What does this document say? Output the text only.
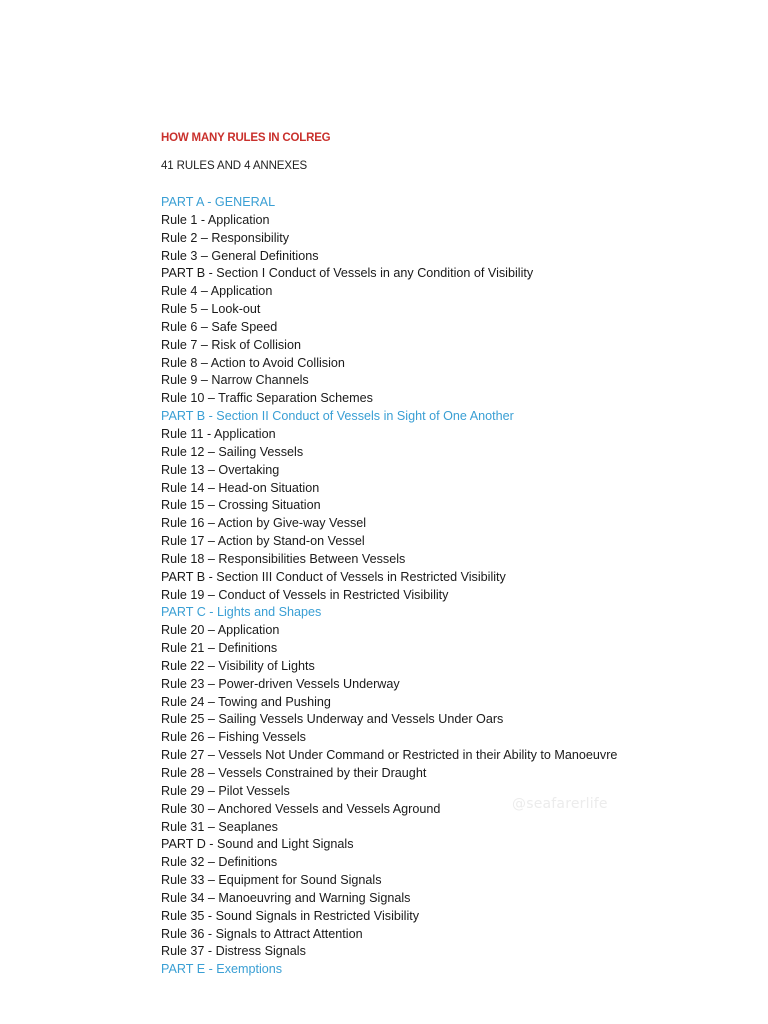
HOW MANY RULES IN COLREG
41 RULES AND 4 ANNEXES
PART A - GENERAL
Rule 1 - Application
Rule 2 – Responsibility
Rule 3 – General Definitions
PART B - Section I Conduct of Vessels in any Condition of Visibility
Rule 4 – Application
Rule 5 – Look-out
Rule 6 – Safe Speed
Rule 7 – Risk of Collision
Rule 8 – Action to Avoid Collision
Rule 9 – Narrow Channels
Rule 10 – Traffic Separation Schemes
PART B - Section II Conduct of Vessels in Sight of One Another
Rule 11 - Application
Rule 12 – Sailing Vessels
Rule 13 – Overtaking
Rule 14 – Head-on Situation
Rule 15 – Crossing Situation
Rule 16 – Action by Give-way Vessel
Rule 17 – Action by Stand-on Vessel
Rule 18 – Responsibilities Between Vessels
PART B - Section III Conduct of Vessels in Restricted Visibility
Rule 19 – Conduct of Vessels in Restricted Visibility
PART C - Lights and Shapes
Rule 20 – Application
Rule 21 – Definitions
Rule 22 – Visibility of Lights
Rule 23 – Power-driven Vessels Underway
Rule 24 – Towing and Pushing
Rule 25 – Sailing Vessels Underway and Vessels Under Oars
Rule 26 – Fishing Vessels
Rule 27 – Vessels Not Under Command or Restricted in their Ability to Manoeuvre
Rule 28 – Vessels Constrained by their Draught
Rule 29 – Pilot Vessels
Rule 30 – Anchored Vessels and Vessels Aground
Rule 31 – Seaplanes
PART D - Sound and Light Signals
Rule 32 – Definitions
Rule 33 – Equipment for Sound Signals
Rule 34 – Manoeuvring and Warning Signals
Rule 35 - Sound Signals in Restricted Visibility
Rule 36 - Signals to Attract Attention
Rule 37 - Distress Signals
PART E - Exemptions
@seafarerlife
